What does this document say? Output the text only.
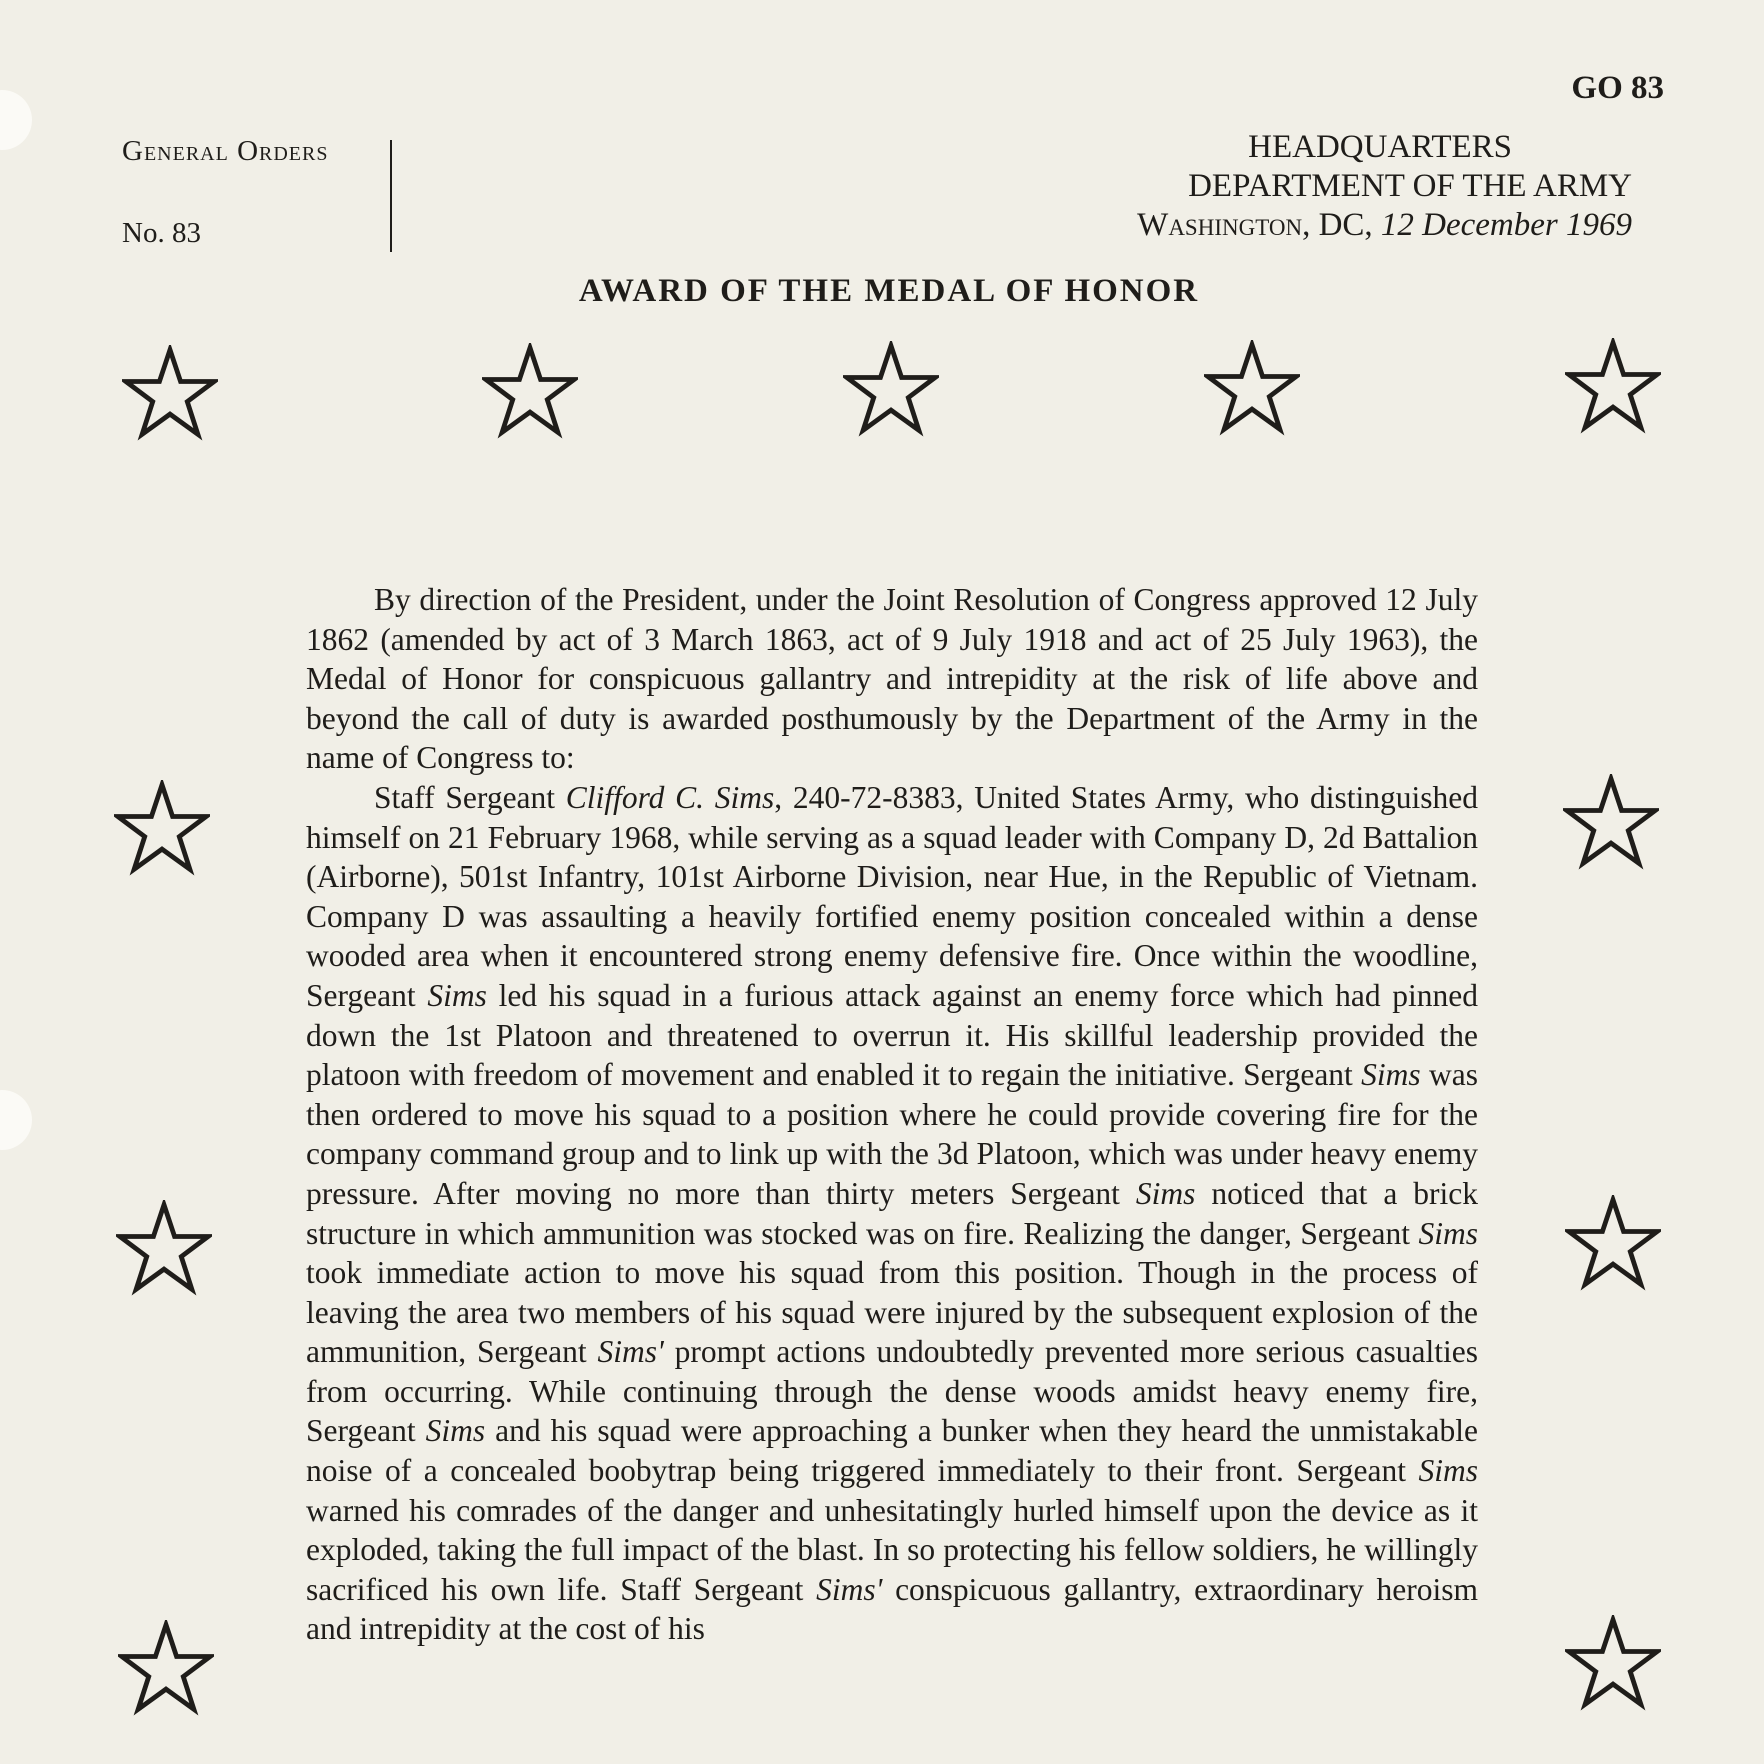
GO 83
General Orders
No. 83
HEADQUARTERS
DEPARTMENT OF THE ARMY
Washington, DC, 12 December 1969
AWARD OF THE MEDAL OF HONOR

By direction of the President, under the Joint Resolution of Congress approved 12 July 1862 (amended by act of 3 March 1863, act of 9 July 1918 and act of 25 July 1963), the Medal of Honor for conspicuous gallantry and intrepidity at the risk of life above and beyond the call of duty is awarded posthumously by the Department of the Army in the name of Congress to:

Staff Sergeant Clifford C. Sims, 240-72-8383, United States Army, who distinguished himself on 21 February 1968, while serving as a squad leader with Company D, 2d Battalion (Airborne), 501st Infantry, 101st Airborne Division, near Hue, in the Republic of Vietnam. Company D was assaulting a heavily fortified enemy position concealed within a dense wooded area when it encountered strong enemy defensive fire. Once within the woodline, Sergeant Sims led his squad in a furious attack against an enemy force which had pinned down the 1st Platoon and threatened to overrun it. His skillful leadership provided the platoon with freedom of movement and enabled it to regain the initiative. Sergeant Sims was then ordered to move his squad to a position where he could provide covering fire for the company command group and to link up with the 3d Platoon, which was under heavy enemy pressure. After moving no more than thirty meters Sergeant Sims noticed that a brick structure in which ammunition was stocked was on fire. Realizing the danger, Sergeant Sims took immediate action to move his squad from this position. Though in the process of leaving the area two members of his squad were injured by the subsequent explosion of the ammunition, Sergeant Sims' prompt actions undoubtedly prevented more serious casualties from occurring. While continuing through the dense woods amidst heavy enemy fire, Sergeant Sims and his squad were approaching a bunker when they heard the unmistakable noise of a concealed boobytrap being triggered immediately to their front. Sergeant Sims warned his comrades of the danger and unhesitatingly hurled himself upon the device as it exploded, taking the full impact of the blast. In so protecting his fellow soldiers, he willingly sacrificed his own life. Staff Sergeant Sims' conspicuous gallantry, extraordinary heroism and intrepidity at the cost of his
